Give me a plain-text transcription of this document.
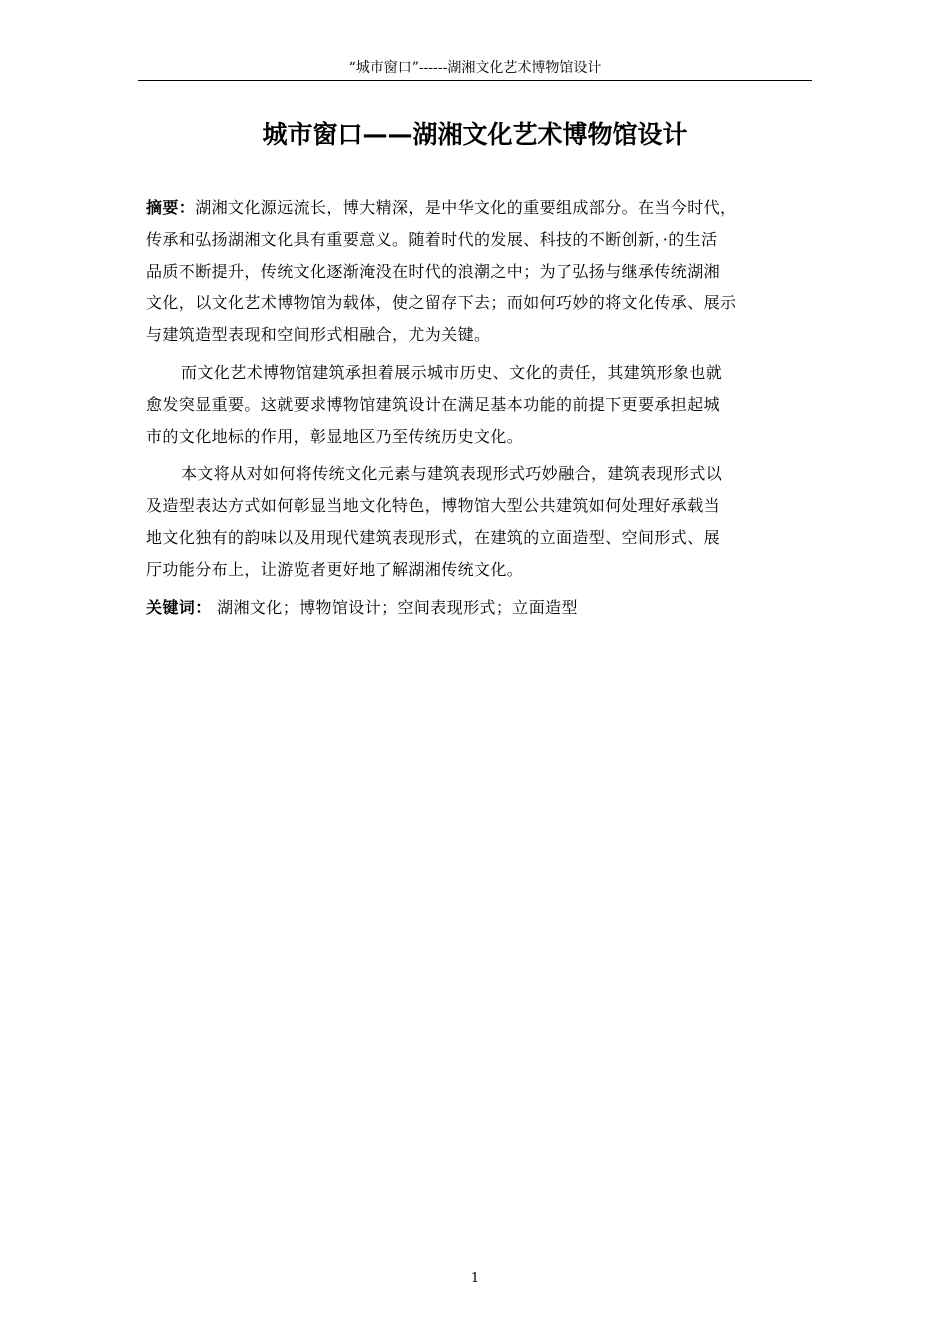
“城市窗口”------湖湘文化艺术博物馆设计
城市窗口——湖湘文化艺术博物馆设计

摘要：湖湘文化源远流长，博大精深，是中华文化的重要组成部分。在当今时代，
传承和弘扬湖湘文化具有重要意义。随着时代的发展、科技的不断创新，·的生活
品质不断提升，传统文化逐渐淹没在时代的浪潮之中；为了弘扬与继承传统湖湘
文化，以文化艺术博物馆为载体，使之留存下去；而如何巧妙的将文化传承、展示
与建筑造型表现和空间形式相融合，尤为关键。

而文化艺术博物馆建筑承担着展示城市历史、文化的责任，其建筑形象也就
愈发突显重要。这就要求博物馆建筑设计在满足基本功能的前提下更要承担起城
市的文化地标的作用，彰显地区乃至传统历史文化。

本文将从对如何将传统文化元素与建筑表现形式巧妙融合，建筑表现形式以
及造型表达方式如何彰显当地文化特色，博物馆大型公共建筑如何处理好承载当
地文化独有的韵味以及用现代建筑表现形式，在建筑的立面造型、空间形式、展
厅功能分布上，让游览者更好地了解湖湘传统文化。

关键词： 湖湘文化；博物馆设计；空间表现形式；立面造型

1
